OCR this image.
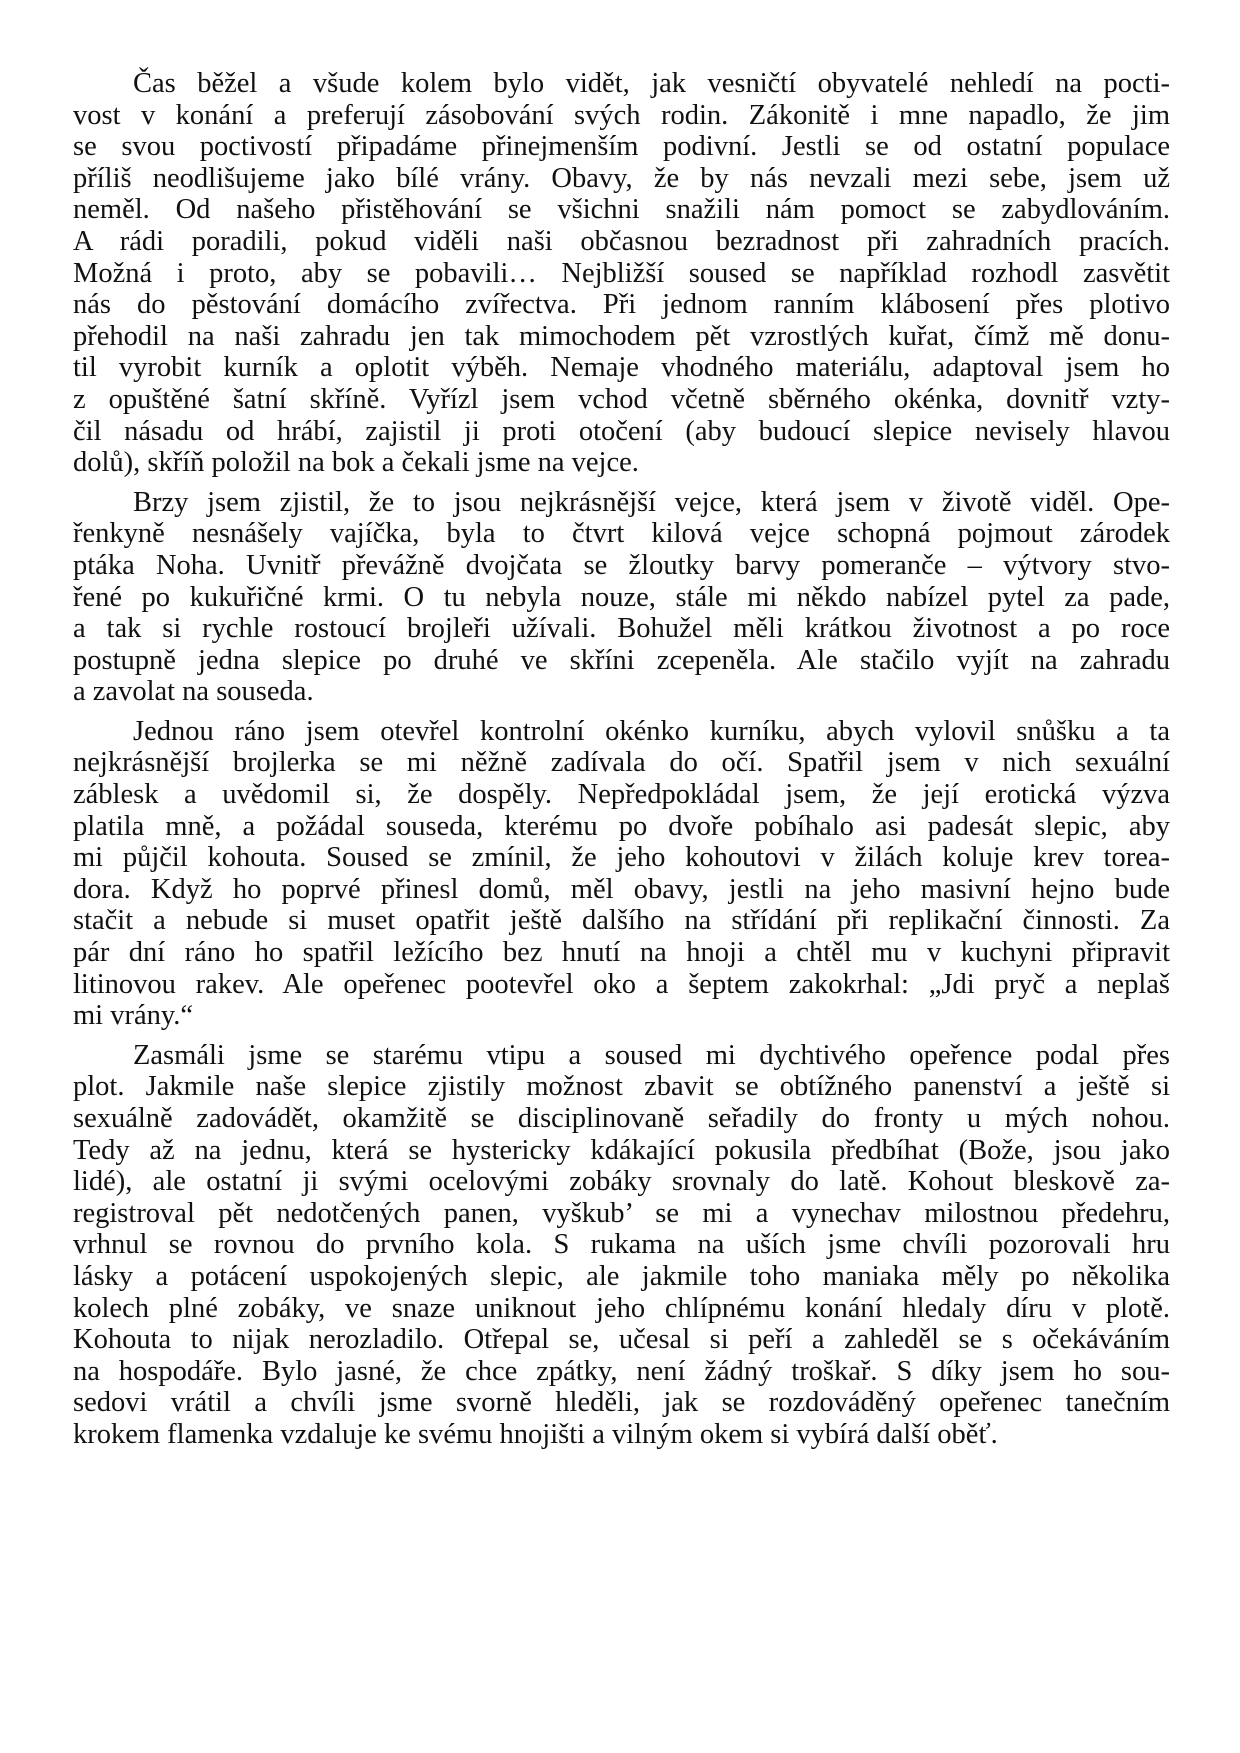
Čas běžel a všude kolem bylo vidět, jak vesničtí obyvatelé nehledí na pocti-
vost v konání a preferují zásobování svých rodin. Zákonitě i mne napadlo, že jim
se svou poctivostí připadáme přinejmenším podivní. Jestli se od ostatní populace
příliš neodlišujeme jako bílé vrány. Obavy, že by nás nevzali mezi sebe, jsem už
neměl. Od našeho přistěhování se všichni snažili nám pomoct se zabydlováním.
A rádi poradili, pokud viděli naši občasnou bezradnost při zahradních pracích.
Možná i proto, aby se pobavili… Nejbližší soused se například rozhodl zasvětit
nás do pěstování domácího zvířectva. Při jednom ranním klábosení přes plotivo
přehodil na naši zahradu jen tak mimochodem pět vzrostlých kuřat, čímž mě donu-
til vyrobit kurník a oplotit výběh. Nemaje vhodného materiálu, adaptoval jsem ho
z opuštěné šatní skříně. Vyřízl jsem vchod včetně sběrného okénka, dovnitř vzty-
čil násadu od hrábí, zajistil ji proti otočení (aby budoucí slepice nevisely hlavou
dolů), skříň položil na bok a čekali jsme na vejce.
Brzy jsem zjistil, že to jsou nejkrásnější vejce, která jsem v životě viděl. Ope-
řenkyně nesnášely vajíčka, byla to čtvrt kilová vejce schopná pojmout zárodek
ptáka Noha. Uvnitř převážně dvojčata se žloutky barvy pomeranče – výtvory stvo-
řené po kukuřičné krmi. O tu nebyla nouze, stále mi někdo nabízel pytel za pade,
a tak si rychle rostoucí brojleři užívali. Bohužel měli krátkou životnost a po roce
postupně jedna slepice po druhé ve skříni zcepeněla. Ale stačilo vyjít na zahradu
a zavolat na souseda.
Jednou ráno jsem otevřel kontrolní okénko kurníku, abych vylovil snůšku a ta
nejkrásnější brojlerka se mi něžně zadívala do očí. Spatřil jsem v nich sexuální
záblesk a uvědomil si, že dospěly. Nepředpokládal jsem, že její erotická výzva
platila mně, a požádal souseda, kterému po dvoře pobíhalo asi padesát slepic, aby
mi půjčil kohouta. Soused se zmínil, že jeho kohoutovi v žilách koluje krev torea-
dora. Když ho poprvé přinesl domů, měl obavy, jestli na jeho masivní hejno bude
stačit a nebude si muset opatřit ještě dalšího na střídání při replikační činnosti. Za
pár dní ráno ho spatřil ležícího bez hnutí na hnoji a chtěl mu v kuchyni připravit
litinovou rakev. Ale opeřenec pootevřel oko a šeptem zakokrhal: „Jdi pryč a neplaš
mi vrány.“
Zasmáli jsme se starému vtipu a soused mi dychtivého opeřence podal přes
plot. Jakmile naše slepice zjistily možnost zbavit se obtížného panenství a ještě si
sexuálně zadovádět, okamžitě se disciplinovaně seřadily do fronty u mých nohou.
Tedy až na jednu, která se hystericky kdákající pokusila předbíhat (Bože, jsou jako
lidé), ale ostatní ji svými ocelovými zobáky srovnaly do latě. Kohout bleskově za-
registroval pět nedotčených panen, vyškub’ se mi a vynechav milostnou předehru,
vrhnul se rovnou do prvního kola. S rukama na uších jsme chvíli pozorovali hru
lásky a potácení uspokojených slepic, ale jakmile toho maniaka měly po několika
kolech plné zobáky, ve snaze uniknout jeho chlípnému konání hledaly díru v plotě.
Kohouta to nijak nerozladilo. Otřepal se, učesal si peří a zahleděl se s očekáváním
na hospodáře. Bylo jasné, že chce zpátky, není žádný troškař. S díky jsem ho sou-
sedovi vrátil a chvíli jsme svorně hleděli, jak se rozdováděný opeřenec tanečním
krokem flamenka vzdaluje ke svému hnojišti a vilným okem si vybírá další oběť.
